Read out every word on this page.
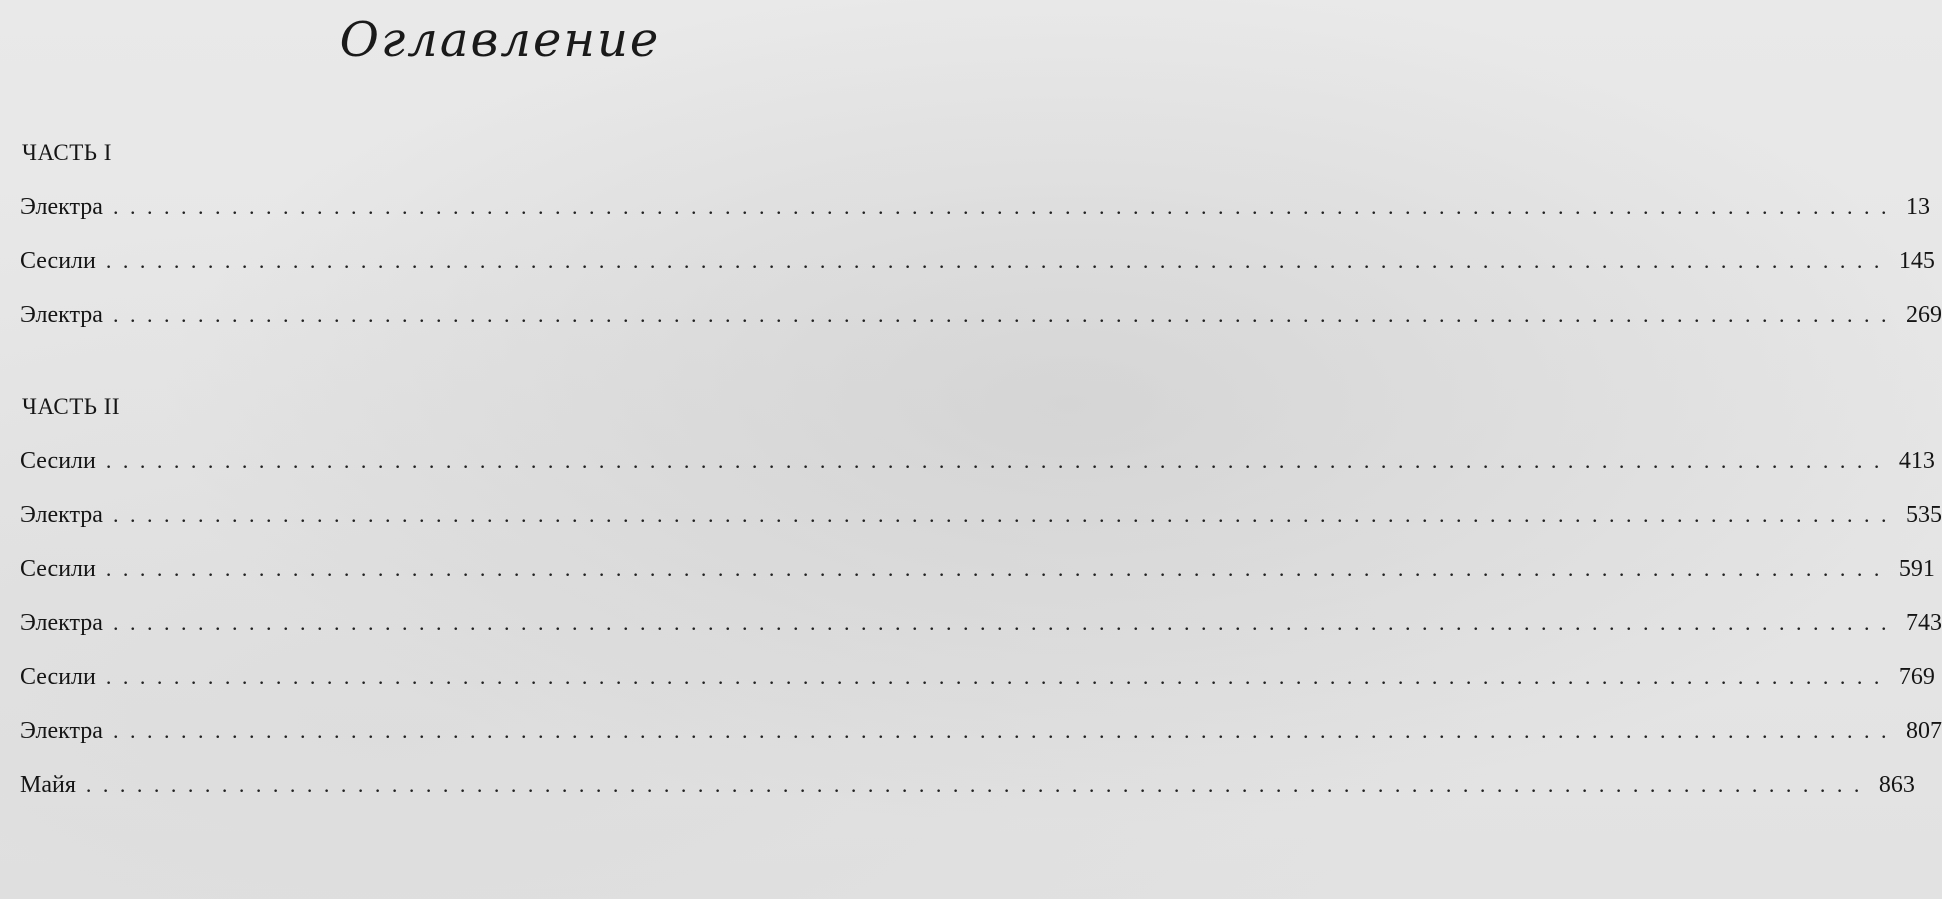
Оглавление
ЧАСТЬ I
Электра ......................................................................................................... 13
Сесили ......................................................................................................... 145
Электра ......................................................................................................... 269
ЧАСТЬ II
Сесили ......................................................................................................... 413
Электра ......................................................................................................... 535
Сесили ......................................................................................................... 591
Электра ......................................................................................................... 743
Сесили ......................................................................................................... 769
Электра ......................................................................................................... 807
Майя ......................................................................................................... 863
